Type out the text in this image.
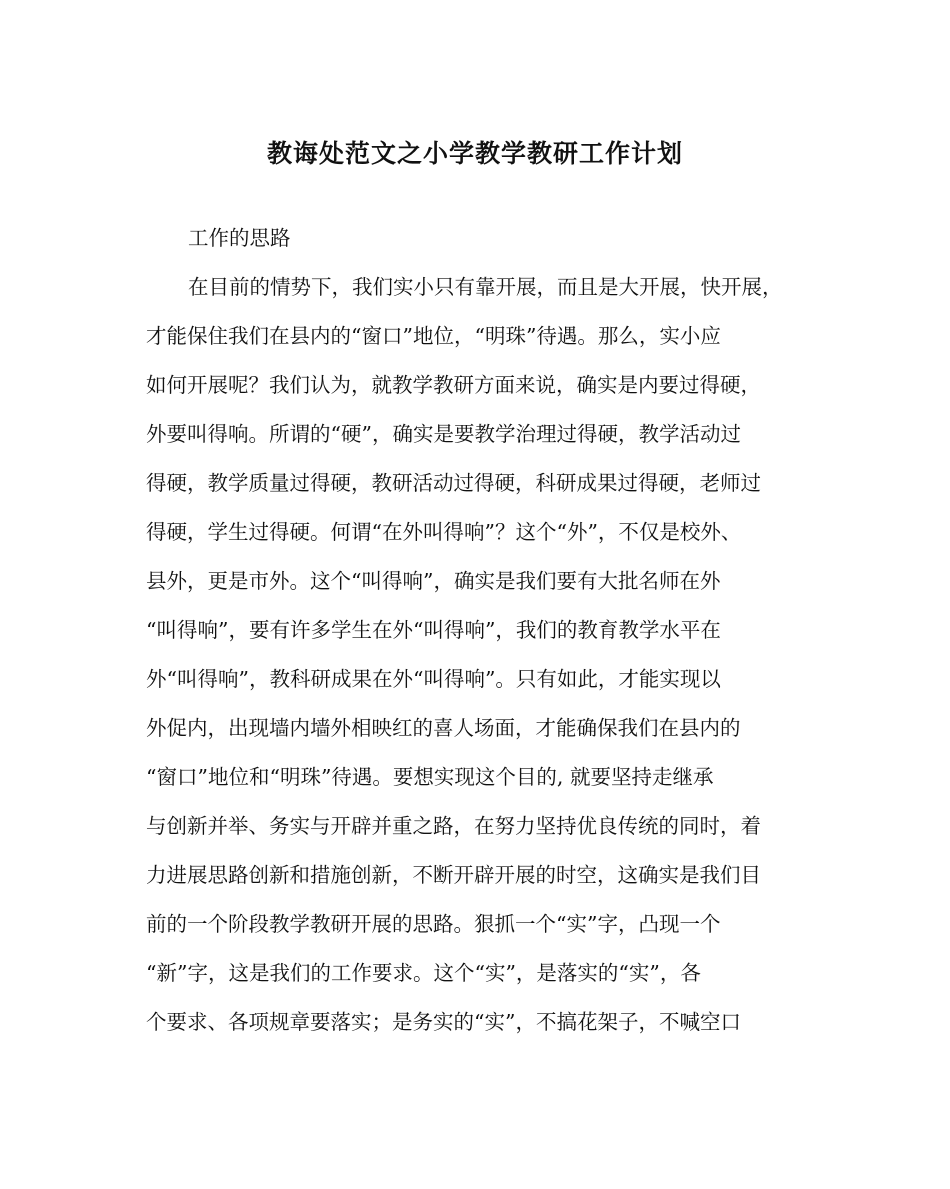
教诲处范文之小学教学教研工作计划
工作的思路
在目前的情势下，我们实小只有靠开展，而且是大开展，快开展，
才能保住我们在县内的“窗口”地位，“明珠”待遇。那么，实小应
如何开展呢？我们认为，就教学教研方面来说，确实是内要过得硬，
外要叫得响。所谓的“硬”，确实是要教学治理过得硬，教学活动过
得硬，教学质量过得硬，教研活动过得硬，科研成果过得硬，老师过
得硬，学生过得硬。何谓“在外叫得响”？这个“外”，不仅是校外、
县外，更是市外。这个“叫得响”，确实是我们要有大批名师在外
“叫得响”，要有许多学生在外“叫得响”，我们的教育教学水平在
外“叫得响”，教科研成果在外“叫得响”。只有如此，才能实现以
外促内，出现墙内墙外相映红的喜人场面，才能确保我们在县内的
“窗口”地位和“明珠”待遇。要想实现这个目的, 就要坚持走继承
与创新并举、务实与开辟并重之路，在努力坚持优良传统的同时，着
力进展思路创新和措施创新，不断开辟开展的时空，这确实是我们目
前的一个阶段教学教研开展的思路。狠抓一个“实”字，凸现一个
“新”字，这是我们的工作要求。这个“实”，是落实的“实”，各
个要求、各项规章要落实；是务实的“实”，不搞花架子，不喊空口
